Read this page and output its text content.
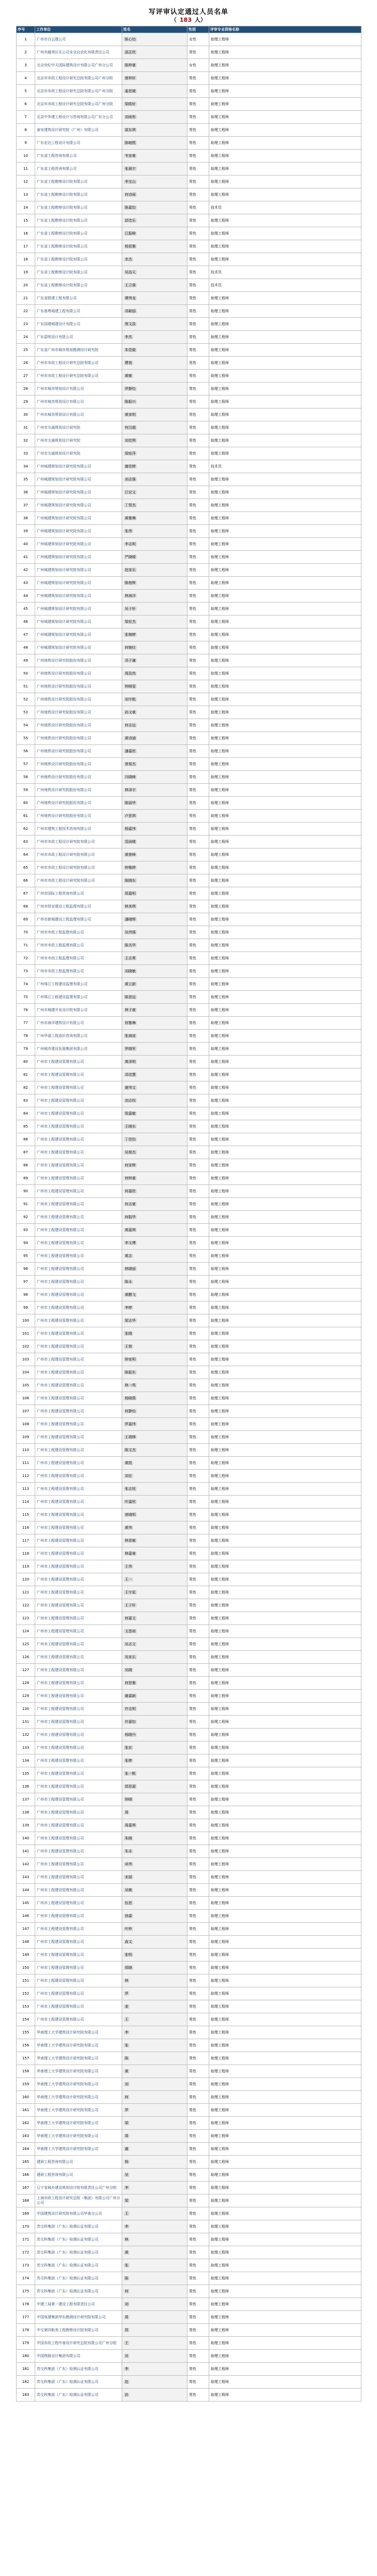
写评审认定通过人员名单
（ 183 人）
序号	工作单位	姓名	性别	评审专业资格名称
1	广州市白云建公司	陈心怡	女性	助理工程师
2	广州市越秀区乐公司安全自动化有限责任公司	邵芷欣	男性	助理工程师
3	北京世纪中天国际建筑设计有限公司广州分公司	陈梓豪	女性	助理工程师
4	北京市市政工程设计研究总院有限公司广州分院	曾梓轩	男性	助理工程师
5	北京市市政工程设计研究总院有限公司广州分院	姜思婧	男性	助理工程师
6	北京市市政工程设计研究总院有限公司广州分院	梁皓轩	男性	助理工程师
7	北京中外建工程设计与咨询有限公司广东分公司	刘雨彤	男性	助理工程师
8	泰安建筑设计研究院（广州）有限公司	莫东琪	男性	助理工程师
9	广东宏达工程设计有限公司	陈峻熙	男性	助理工程师
10	广东省工程咨询有限公司	韦家豪	男性	助理工程师
11	广东省工程咨询有限公司	张晨宇	男性	助理工程师
12	广东省工程勘察设计院有限公司	李宝山	男性	助理工程师
13	广东省工程勘察设计院有限公司	何诗雨	男性	助理工程师
14	广东省工程勘察设计院有限公司	陈嘉怡	男性	技术员
15	广东省工程勘察设计院有限公司	邱佳乐	男性	助理工程师
16	广东省工程勘察设计院有限公司	江振峰	男性	助理工程师
17	广东省工程勘察设计院有限公司	杨思雅	男性	助理工程师
18	广东省工程勘察设计院有限公司	余杰	男性	助理工程师
19	广东省工程勘察设计院有限公司	吴浩天	男性	技术员
20	广东省工程勘察设计院有限公司	王立强	男性	技术员
21	广东省联建工程有限公司	谭伟龙	男性	助理工程师
22	广东南粤城建工程有限公司	邓颖丽	男性	助理工程师
23	广东国建城建设计有限公司	蔡文浩	男性	助理工程师
24	广东雷明设计有限公司	李杰	男性	助理工程师
25	广东省广州市城市规划勘测设计研究院	朱佳毅	男性	助理工程师
26	广州市市政工程设计研究总院有限公司	曹俊	男性	助理工程师
27	广州市市政工程设计研究总院有限公司	黄敏	男性	助理工程师
28	广州市城市规划设计有限公司	罗静怡	男性	助理工程师
29	广州市城市规划设计有限公司	陈振兴	男性	助理工程师
30	广州市城市规划设计有限公司	黄家明	男性	助理工程师
31	广州市交通规划设计研究院	何汉超	男性	助理工程师
32	广州市交通规划设计研究院	刘佳琪	男性	助理工程师
33	广州市交通规划设计研究院	梁炫萍	男性	助理工程师
34	广州城建规划设计研究院有限公司	谢佳婷	男性	技术员
35	广州城建规划设计研究院有限公司	刘志强	男性	助理工程师
36	广州城建规划设计研究院有限公司	江宏文	男性	助理工程师
37	广州城建规划设计研究院有限公司	丁智杰	男性	助理工程师
38	广州城建规划设计研究院有限公司	黄雅琳	男性	助理工程师
39	广州城建规划设计研究院有限公司	张伟	男性	助理工程师
40	广州城建规划设计研究院有限公司	李志明	男性	助理工程师
41	广州城建规划设计研究院有限公司	严晓晴	男性	助理工程师
42	广州城建规划设计研究院有限公司	赵家乐	男性	助理工程师
43	广州城建规划设计研究院有限公司	陈俊辉	男性	助理工程师
44	广州城建规划设计研究院有限公司	林海洋	男性	助理工程师
45	广州城建规划设计研究院有限公司	吴子轩	男性	助理工程师
46	广州城建规划设计研究院有限公司	梁宏杰	男性	助理工程师
47	广州城建规划设计研究院有限公司	张婉婷	男性	助理工程师
48	广州城建规划设计研究院有限公司	何婉仪	男性	助理工程师
49	广州地铁设计研究院股份有限公司	邓子谦	男性	助理工程师
50	广州地铁设计研究院股份有限公司	周浩然	男性	助理工程师
51	广州地铁设计研究院股份有限公司	钟晓雯	男性	助理工程师
52	广州地铁设计研究院股份有限公司	刘宇航	男性	助理工程师
53	广州地铁设计研究院股份有限公司	孙文豪	男性	助理工程师
54	广州地铁设计研究院股份有限公司	何志远	男性	助理工程师
55	广州地铁设计研究院股份有限公司	黄诗涵	男性	助理工程师
56	广州地铁设计研究院股份有限公司	潘嘉欣	男性	助理工程师
57	广州地铁设计研究院股份有限公司	曾俊杰	男性	助理工程师
58	广州地铁设计研究院股份有限公司	冯晓峰	男性	助理工程师
59	广州地铁设计研究院股份有限公司	林泽宇	男性	助理工程师
60	广州地铁设计研究院股份有限公司	陈丽华	男性	助理工程师
61	广州地铁设计研究院股份有限公司	卢思琪	男性	助理工程师
62	广州市建筑工程技术咨询有限公司	杨嘉伟	男性	助理工程师
63	广州市市政工程设计研究院有限公司	袁雨晴	男性	助理工程师
64	广州市市政工程设计研究院有限公司	黄俊峰	男性	助理工程师
65	广州市市政工程设计研究院有限公司	钟雅婷	男性	助理工程师
66	广州市市政工程设计研究院有限公司	陈晓东	男性	助理工程师
67	广州市国际工程咨询有限公司	郑嘉明	男性	助理工程师
68	广州市恒安建设工程监理有限公司	林美琪	男性	助理工程师
69	广州市新城建设工程监理有限公司	潘晓辉	男性	助理工程师
70	广州市市政工程监理有限公司	吴伟强	男性	助理工程师
71	广州市市政工程监理有限公司	陈光华	男性	助理工程师
72	广州市市政工程监理有限公司	王志勇	男性	助理工程师
73	广州市市政工程监理有限公司	刘晓敏	男性	助理工程师
74	广州珠江工程建设监理有限公司	黄立新	男性	助理工程师
75	广州珠江工程建设监理有限公司	陈思远	男性	助理工程师
76	广州市城建开发设计院有限公司	林子豪	男性	助理工程师
77	广州市海洋建筑设计有限公司	何雅琳	男性	助理工程师
78	广州华福工程造价咨询有限公司	张海波	男性	助理工程师
79	广州城市建设发展集团有限公司	罗晓军	男性	助理工程师
80	广州市工程建设管理有限公司	黄泽明	男性	助理工程师
81	广州市工程建设管理有限公司	邓佳慧	男性	助理工程师
82	广州市工程建设管理有限公司	谢伟文	男性	助理工程师
83	广州市工程建设管理有限公司	刘志权	男性	助理工程师
84	广州市工程建设管理有限公司	梁嘉敏	男性	助理工程师
85	广州市工程建设管理有限公司	王晓东	男性	助理工程师
86	广州市工程建设管理有限公司	丁佳怡	男性	助理工程师
87	广州市工程建设管理有限公司	吴俊杰	男性	助理工程师
88	广州市工程建设管理有限公司	何家辉	男性	助理工程师
89	广州市工程建设管理有限公司	何梓豪	男性	助理工程师
90	广州市工程建设管理有限公司	何嘉欣	男性	助理工程师
91	广州市工程建设管理有限公司	何志豪	男性	助理工程师
92	广州市工程建设管理有限公司	何振华	男性	助理工程师
93	广州市工程建设管理有限公司	黄嘉琪	男性	助理工程师
94	广州市工程建设管理有限公司	李文博	男性	助理工程师
95	广州市工程建设管理有限公司	黄志	男性	助理工程师
96	广州市工程建设管理有限公司	林晓丽	男性	助理工程师
97	广州市工程建设管理有限公司	陈永	男性	助理工程师
98	广州市工程建设管理有限公司	黄鹏飞	男性	助理工程师
99	广州市工程建设管理有限公司	李婷	男性	助理工程师
100	广州市工程建设管理有限公司	梁志华	男性	助理工程师
101	广州市工程建设管理有限公司	张晓	男性	助理工程师
102	广州市工程建设管理有限公司	王俊	男性	助理工程师
103	广州市工程建设管理有限公司	钟家明	男性	助理工程师
104	广州市工程建设管理有限公司	陈振东	男性	助理工程师
105	广州市工程建设管理有限公司	林一鸣	男性	助理工程师
106	广州市工程建设管理有限公司	杨晓燕	男性	助理工程师
107	广州市工程建设管理有限公司	何静怡	男性	助理工程师
108	广州市工程建设管理有限公司	罗嘉伟	男性	助理工程师
109	广州市工程建设管理有限公司	王瑞锋	男性	助理工程师
110	广州市工程建设管理有限公司	陈文杰	男性	助理工程师
111	广州市工程建设管理有限公司	黄凯	男性	助理工程师
112	广州市工程建设管理有限公司	刘宏	男性	助理工程师
113	广州市工程建设管理有限公司	张志恒	男性	助理工程师
114	广州市工程建设管理有限公司	叶嘉欣	男性	助理工程师
115	广州市工程建设管理有限公司	曾晓明	男性	助理工程师
116	广州市工程建设管理有限公司	黄伟	男性	助理工程师
117	广州市工程建设管理有限公司	林思敏	男性	助理工程师
118	广州市工程建设管理有限公司	林嘉豪	男性	助理工程师
119	广州市工程建设管理有限公司	王伟	男性	助理工程师
120	广州市工程建设管理有限公司	王一	男性	助理工程师
121	广州市工程建设管理有限公司	王宇星	男性	助理工程师
122	广州市工程建设管理有限公司	王子轩	男性	助理工程师
123	广州市工程建设管理有限公司	何嘉文	男性	助理工程师
124	广州市工程建设管理有限公司	文思雨	男性	助理工程师
125	广州市工程建设管理有限公司	吴志文	男性	助理工程师
126	广州市工程建设管理有限公司	吴家乐	男性	助理工程师
127	广州市工程建设管理有限公司	吴晓	男性	助理工程师
128	广州市工程建设管理有限公司	何思雅	男性	助理工程师
129	广州市工程建设管理有限公司	谢嘉颖	男性	助理工程师
130	广州市工程建设管理有限公司	许志明	男性	助理工程师
131	广州市工程建设管理有限公司	许嘉怡	男性	助理工程师
132	广州市工程建设管理有限公司	杨晓丹	男性	助理工程师
133	广州市工程建设管理有限公司	张宏	男性	助理工程师
134	广州市工程建设管理有限公司	张婷	男性	助理工程师
135	广州市工程建设管理有限公司	张一帆	男性	助理工程师
136	广州市工程建设管理有限公司	郑思源	男性	助理工程师
137	广州市工程建设管理有限公司	钟晓	男性	助理工程师
138	广州市工程建设管理有限公司	周	男性	助理工程师
139	广州市工程建设管理有限公司	周嘉琪	男性	助理工程师
140	广州市工程建设管理有限公司	朱晓	男性	助理工程师
141	广州市工程建设管理有限公司	朱永	男性	助理工程师
142	广州市工程建设管理有限公司	卓伟	男性	助理工程师
143	广州市工程建设管理有限公司	宋丽	男性	助理工程师
144	广州市工程建设管理有限公司	吴敏	男性	助理工程师
145	广州市工程建设管理有限公司	伍思	男性	助理工程师
146	广州市工程建设管理有限公司	徐嘉	男性	助理工程师
147	广州市工程建设管理有限公司	叶梓	男性	助理工程师
148	广州市工程建设管理有限公司	俞文	男性	助理工程师
149	广州市工程建设管理有限公司	张明	男性	助理工程师
150	广州市工程建设管理有限公司	郑晓	男性	助理工程师
151	广州市工程建设管理有限公司	林	男性	助理工程师
152	广州市工程建设管理有限公司	罗	男性	助理工程师
153	广州市工程建设管理有限公司	麦	男性	助理工程师
154	广州市工程建设管理有限公司	王	男性	助理工程师
155	华南理工大学建筑设计研究院有限公司	李	男性	助理工程师
156	华南理工大学建筑设计研究院有限公司	张	男性	助理工程师
157	华南理工大学建筑设计研究院有限公司	陈	男性	助理工程师
158	华南理工大学建筑设计研究院有限公司	黄	男性	助理工程师
159	华南理工大学建筑设计研究院有限公司	刘	男性	助理工程师
160	华南理工大学建筑设计研究院有限公司	何	男性	助理工程师
161	华南理工大学建筑设计研究院有限公司	罗	男性	助理工程师
162	华南理工大学建筑设计研究院有限公司	梁	男性	助理工程师
163	华南理工大学建筑设计研究院有限公司	周	男性	助理工程师
164	华南理工大学建筑设计研究院有限公司	谢	男性	助理工程师
165	建研工程咨询有限公司	杨	男性	助理工程师
166	建研工程咨询有限公司	吴	男性	助理工程师
167	辽宁省城乡建设规划设计院有限责任公司广州分院	李	男性	助理工程师
168	上海市政工程设计研究总院（集团）有限公司广州分公司	梁	男性	助理工程师
169	中国建筑设计研究院有限公司华南分公司	王	男性	助理工程师
170	苏交科集团（广东）检测认证有限公司	李	男性	助理工程师
171	苏交科集团（广东）检测认证有限公司	林	男性	助理工程师
172	苏交科集团（广东）检测认证有限公司	黄	男性	助理工程师
173	苏交科集团（广东）检测认证有限公司	张	男性	助理工程师
174	苏交科集团（广东）检测认证有限公司	陈	男性	助理工程师
175	苏交科集团（广东）检测认证有限公司	何	男性	助理工程师
176	中建三局第一建设工程有限责任公司	刘	男性	助理工程师
177	中国电建集团华东勘测设计研究院有限公司	周	男性	助理工程师
178	中交第四航务工程勘察设计院有限公司	郑	男性	助理工程师
179	中国市政工程中南设计研究总院有限公司广州分院	王	男性	助理工程师
180	中国铁路设计集团有限公司	吴	男性	助理工程师
181	苏交科集团（广东）检测认证有限公司	李	男性	助理工程师
182	苏交科集团（广东）检测认证有限公司	赵	男性	助理工程师
183	苏交科集团（广东）检测认证有限公司	孙	男性	助理工程师
